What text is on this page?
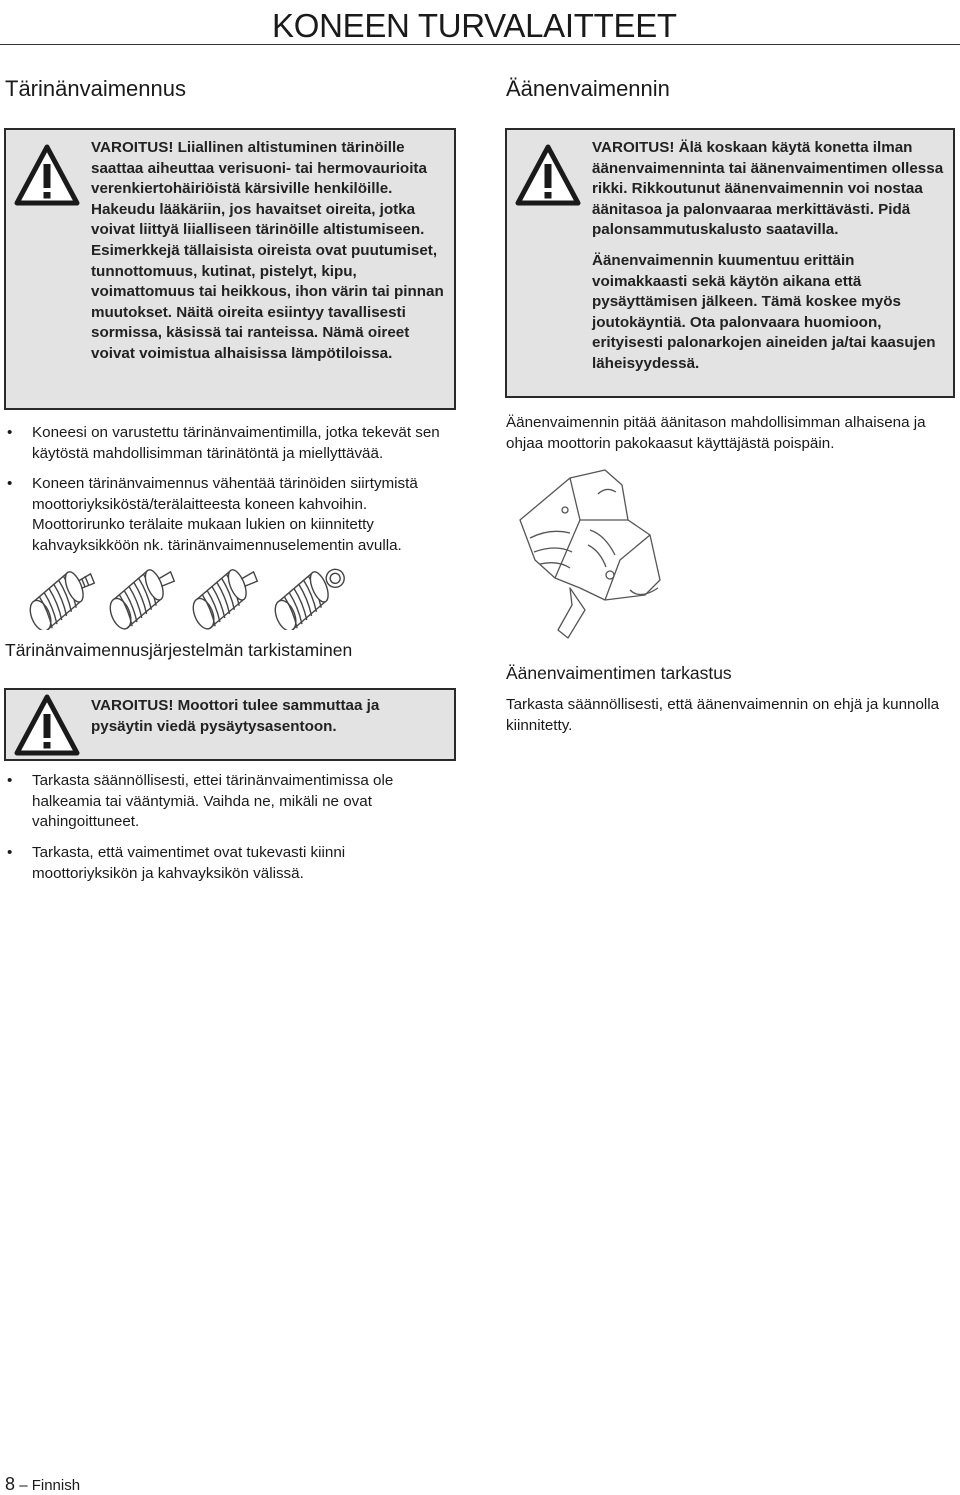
KONEEN TURVALAITTEET
Tärinänvaimennus

VAROITUS! Liiallinen altistuminen tärinöille saattaa aiheuttaa verisuoni- tai hermovaurioita verenkiertohäiriöistä kärsiville henkilöille. Hakeudu lääkäriin, jos havaitset oireita, jotka voivat liittyä liialliseen tärinöille altistumiseen. Esimerkkejä tällaisista oireista ovat puutumiset, tunnottomuus, kutinat, pistelyt, kipu, voimattomuus tai heikkous, ihon värin tai pinnan muutokset. Näitä oireita esiintyy tavallisesti sormissa, käsissä tai ranteissa. Nämä oireet voivat voimistua alhaisissa lämpötiloissa.

• Koneesi on varustettu tärinänvaimentimilla, jotka tekevät sen käytöstä mahdollisimman tärinätöntä ja miellyttävää.
• Koneen tärinänvaimennus vähentää tärinöiden siirtymistä moottoriyksiköstä/terälaitteesta koneen kahvoihin. Moottorirunko terälaite mukaan lukien on kiinnitetty kahvayksikköön nk. tärinänvaimennuselementin avulla.
Tärinänvaimennusjärjestelmän tarkistaminen

VAROITUS! Moottori tulee sammuttaa ja pysäytin viedä pysäytysasentoon.

• Tarkasta säännöllisesti, ettei tärinänvaimentimissa ole halkeamia tai vääntymiä. Vaihda ne, mikäli ne ovat vahingoittuneet.
• Tarkasta, että vaimentimet ovat tukevasti kiinni moottoriyksikön ja kahvayksikön välissä.
Äänenvaimennin

VAROITUS! Älä koskaan käytä konetta ilman äänenvaimenninta tai äänenvaimentimen ollessa rikki. Rikkoutunut äänenvaimennin voi nostaa äänitasoa ja palonvaaraa merkittävästi. Pidä palonsammutuskalusto saatavilla.

Äänenvaimennin kuumentuu erittäin voimakkaasti sekä käytön aikana että pysäyttämisen jälkeen. Tämä koskee myös joutokäyntiä. Ota palonvaara huomioon, erityisesti palonarkojen aineiden ja/tai kaasujen läheisyydessä.

Äänenvaimennin pitää äänitason mahdollisimman alhaisena ja ohjaa moottorin pakokaasut käyttäjästä poispäin.
Äänenvaimentimen tarkastus
Tarkasta säännöllisesti, että äänenvaimennin on ehjä ja kunnolla kiinnitetty.
8 – Finnish
